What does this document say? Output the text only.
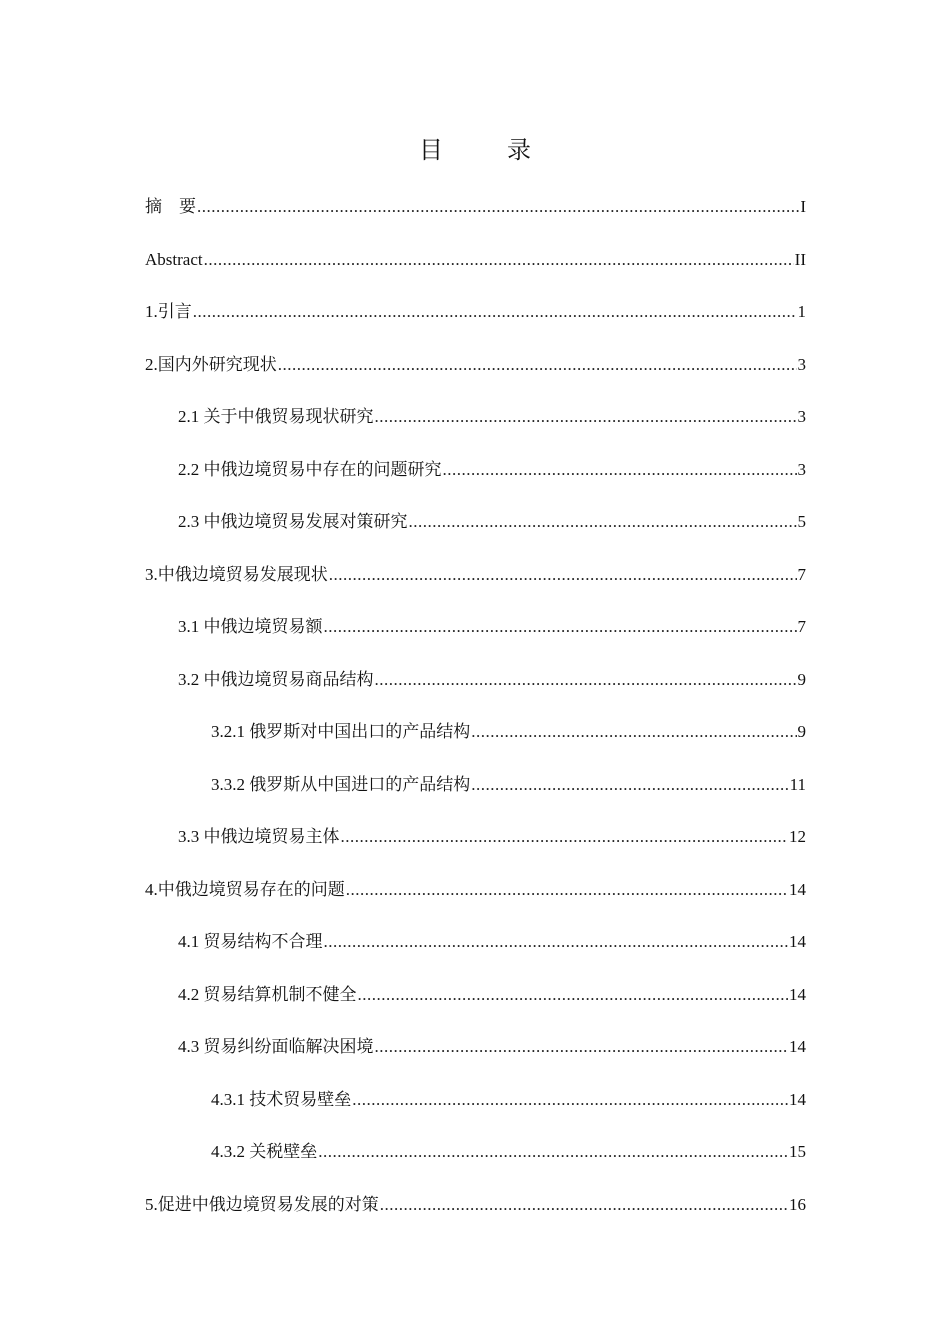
目　录
摘　要 .....	I
Abstract .....	II
1.引言 .....	1
2.国内外研究现状 .....	3
2.1 关于中俄贸易现状研究 .....	3
2.2 中俄边境贸易中存在的问题研究 .....	3
2.3 中俄边境贸易发展对策研究 .....	5
3.中俄边境贸易发展现状 .....	7
3.1 中俄边境贸易额 .....	7
3.2 中俄边境贸易商品结构 .....	9
3.2.1 俄罗斯对中国出口的产品结构 .....	9
3.3.2 俄罗斯从中国进口的产品结构 .....	11
3.3 中俄边境贸易主体 .....	12
4.中俄边境贸易存在的问题 .....	14
4.1 贸易结构不合理 .....	14
4.2 贸易结算机制不健全 .....	14
4.3 贸易纠纷面临解决困境 .....	14
4.3.1 技术贸易壁垒 .....	14
4.3.2 关税壁垒 .....	15
5.促进中俄边境贸易发展的对策 .....	16
